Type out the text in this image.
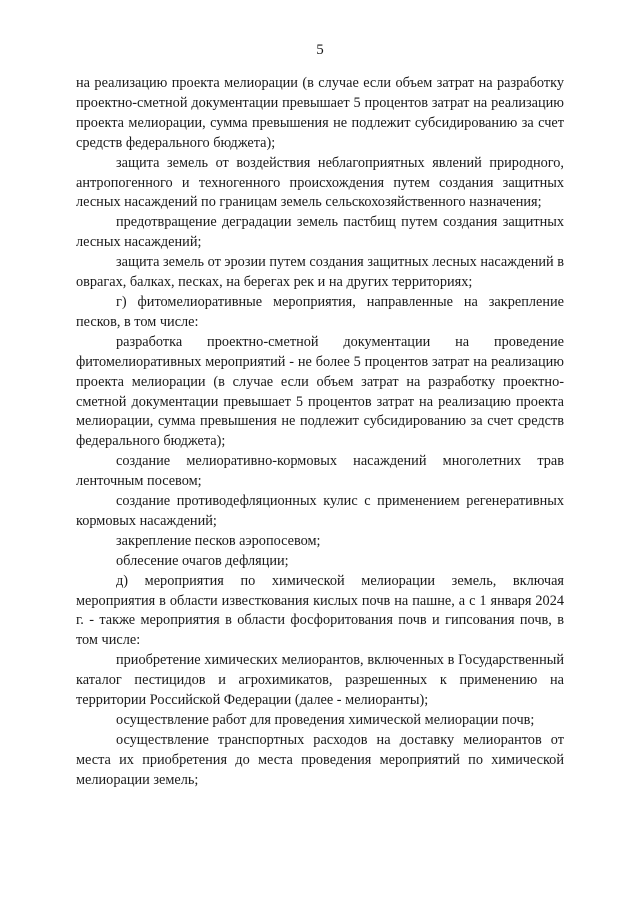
5

на реализацию проекта мелиорации (в случае если объем затрат на разработку проектно-сметной документации превышает 5 процентов затрат на реализацию проекта мелиорации, сумма превышения не подлежит субсидированию за счет средств федерального бюджета);

защита земель от воздействия неблагоприятных явлений природного, антропогенного и техногенного происхождения путем создания защитных лесных насаждений по границам земель сельскохозяйственного назначения;

предотвращение деградации земель пастбищ путем создания защитных лесных насаждений;

защита земель от эрозии путем создания защитных лесных насаждений в оврагах, балках, песках, на берегах рек и на других территориях;

г) фитомелиоративные мероприятия, направленные на закрепление песков, в том числе:

разработка проектно-сметной документации на проведение фитомелиоративных мероприятий - не более 5 процентов затрат на реализацию проекта мелиорации (в случае если объем затрат на разработку проектно-сметной документации превышает 5 процентов затрат на реализацию проекта мелиорации, сумма превышения не подлежит субсидированию за счет средств федерального бюджета);

создание мелиоративно-кормовых насаждений многолетних трав ленточным посевом;

создание противодефляционных кулис с применением регенеративных кормовых насаждений;

закрепление песков аэропосевом;

облесение очагов дефляции;

д) мероприятия по химической мелиорации земель, включая мероприятия в области известкования кислых почв на пашне, а с 1 января 2024 г. - также мероприятия в области фосфоритования почв и гипсования почв, в том числе:

приобретение химических мелиорантов, включенных в Государственный каталог пестицидов и агрохимикатов, разрешенных к применению на территории Российской Федерации (далее - мелиоранты);

осуществление работ для проведения химической мелиорации почв;

осуществление транспортных расходов на доставку мелиорантов от места их приобретения до места проведения мероприятий по химической мелиорации земель;
